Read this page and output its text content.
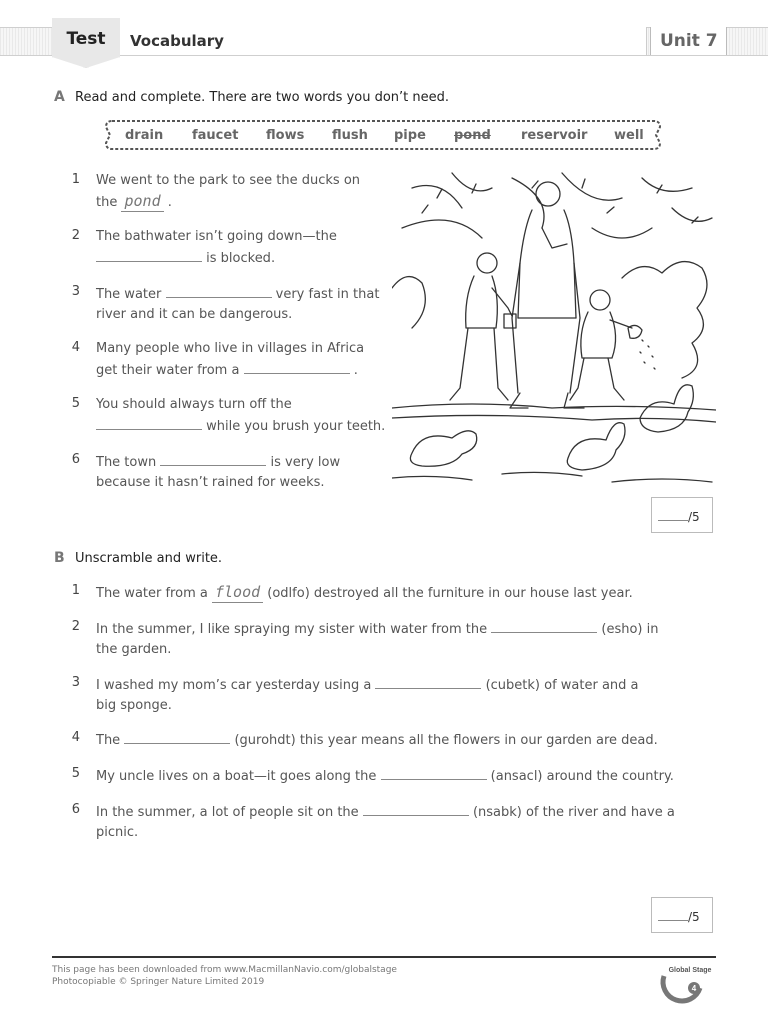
Vocabulary	Unit 7
Test
A Read and complete. There are two words you don’t need.
drain faucet flows flush pipe pond reservoir well
1 We went to the park to see the ducks on
the pond .
2 The bathwater isn’t going down—the
is blocked.
3 The water	very fast in that
river and it can be dangerous.
4 Many people who live in villages in Africa
get their water from a	.
5 You should always turn off the
while you brush your teeth.
6 The town	is very low
because it hasn’t rained for weeks.
/5
B Unscramble and write.
1 The water from a flood (odlfo) destroyed all the furniture in our house last year.
2 In the summer, I like spraying my sister with water from the	(esho) in
the garden.
3 I washed my mom’s car yesterday using a	(cubetk) of water and a
big sponge.
4 The	(gurohdt) this year means all the flowers in our garden are dead.
5 My uncle lives on a boat—it goes along the	(ansacl) around the country.
6 In the summer, a lot of people sit on the	(nsabk) of the river and have a picnic.
/5
This page has been downloaded from www.MacmillanNavio.com/globalstage
Photocopiable © Springer Nature Limited 2019
Global Stage
4
